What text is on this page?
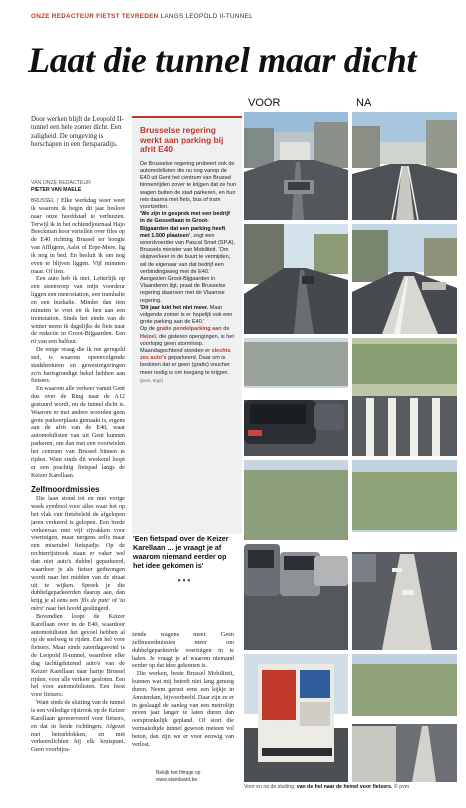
ONZE REDACTEUR FIETST TEVREDEN LANGS LEOPOLD II-TUNNEL
Laat die tunnel maar dicht
VOOR	NA

Door werken blijft de Leopold II-tunnel een hele zomer dicht. Een zaligheid. De omgeving is herschapen in een fietsparadijs.

VAN ONZE REDACTEUR
PIETER VAN MAELE

BRUSSEL | Elke werkdag weer weet ik waarom ik begin dit jaar besloot naar onze hoofdstad te verhuizen. Terwijl ik in het ochtendjournaal Hajo Beeckman hoor vertellen over files op de E40 richting Brussel ter hoogte van Affligem, Aalst of Erpe-Mere, lig ik nog in bed. En besluit ik om nog even te blijven liggen. Vijf minuten maar. Of tien.

Een auto heb ik niet. Letterlijk op een steenworp van mijn voordeur liggen een metrostation, een tramhalte en een bushalte. Minder dan tien minuten te voet en ik ben aan een treinstation. Sinds het einde van de winter neem ik dagelijks de fiets naar de redactie in Groot-Bijgaarden. Een rit van een halfuur.

De enige vraag die ik me geregeld stel, is waarom opeenvolgende stadsbesturen en gewestregeringen zo'n hartsgrondige hekel hebben aan fietsers.

En waarom alle verkeer vanuit Gent dus over de Ring naar de A12 gestuurd wordt, nu de tunnel dicht is. Waarom er met andere woorden geen grote parkeerplaats gemaakt is, ergens aan de afrit van de E40, waar automobilisten van uit Gent kunnen parkeren, om dan met een voorwielen het centrum van Brussel binnen te rijden. Want sinds dit weekend loopt er een prachtig fietspad langs de Keizer Karellaan.

Zelfmoordmissies

Die laan stond tot en met vorige week symbool voor alles waar het op het vlak van fietsbeleid de afgelopen jaren verkeerd is gelopen. Een brede verkeersas met vijf rijvakken voor voertuigen, maar nergens zelfs maar een miserabel fietspadje. Op de rechterrijstrook staan er vaker wel dan niet auto's dubbel geparkeerd, waardoor je als fietser gedwongen wordt naar het midden van de straat uit te wijken. Spreek je die dubbelgeparkeerden daarop aan, dan krijg je al eens een 'fils de pute' of 'ta mère' naar het hoofd geslingerd.

Bovendien loopt de Keizer Karellaan over in de E40, waardoor automobilisten het gevoel hebben al op de snelweg te rijden. Een hel voor fietsers. Maar sinds zaterdagavond is de Leopold II-tunnel, waardoor elke dag tachtigduizend auto's van de Keizer Karellaan naar hartje Brussel rijden, voor alle verkeer gesloten. Een hel voor automobilisten. Een feest voor fietsers.

Want sinds de sluiting van de tunnel is een volledige rijstrook op de Keizer Karellaan gereserveerd voor fietsers, en dat in beide richtingen. Afgezet met betonblokken, en met verkeerslichten bij elk kruispunt. Geen voorbijra-

Brusselse regering werkt aan parking bij afrit E40

De Brusselse regering probeert ook de automobilisten die nu nog vanop de E40 uit Gent het centrum van Brussel binnenrijden zover te krijgen dat ze hun wagen buiten de stad parkeren, en hun reis daarna met fiets, bus of tram voortzetten.

'We zijn in gesprek met een bedrijf in de Gossetlaan in Groot-Bijgaarden dat een parking heeft met 1.500 plaatsen', zegt een woordvoerder van Pascal Smet (SP.A), Brussels minister van Mobiliteit. 'Om sluipverkeer in de buurt te vermijden, wil de eigenaar van dat bedrijf een verbindingsweg met de E40.'

Aangezien Groot-Bijgaarden in Vlaanderen ligt, praat de Brusselse regering daarover met de Vlaamse regering.

'Dit jaar lukt het niet meer. Maar volgende zomer is er hopelijk ook een grote parking aan de E40.'

Op de gratis pendelparking aan de Heizel, die gisteren opengingen, is het voorlopig geen stormloop. Maandagochtend stonden er slechts zes auto's geparkeerd. Daar om is besloten dat er geen (gratis) voucher meer nodig is om toegang te krijgen. (pvm, tegs)

'Een fietspad over de Keizer Karellaan ... je vraagt je af waarom niemand eerder op het idee gekomen is'
•••

zende wagens meer. Geen zelfmoordmissies meer om dubbelgeparkeerde voertuigen in te halen. Je vraagt je af waarom niemand eerder op dat idee gekomen is.

Die werken, beste Brussel Mobiliteit, kunnen wat mij betreft niet lang genoeg duren. Neem gerust eens een kijkje in Amsterdam, bijvoorbeeld. Daar zijn ze er in geslaagd de aanleg van een metrolijn zeven jaar langer te laten duren dan oorspronkelijk gepland. Of stort die vermaledijde tunnel gewoon meteen vol beton, dan zijn we er voor eeuwig van verlost.

Bekijk het filmpje op www.standaard.be
Voor en na de sluiting: van de hel naar de hemel voor fietsers. © pvm
